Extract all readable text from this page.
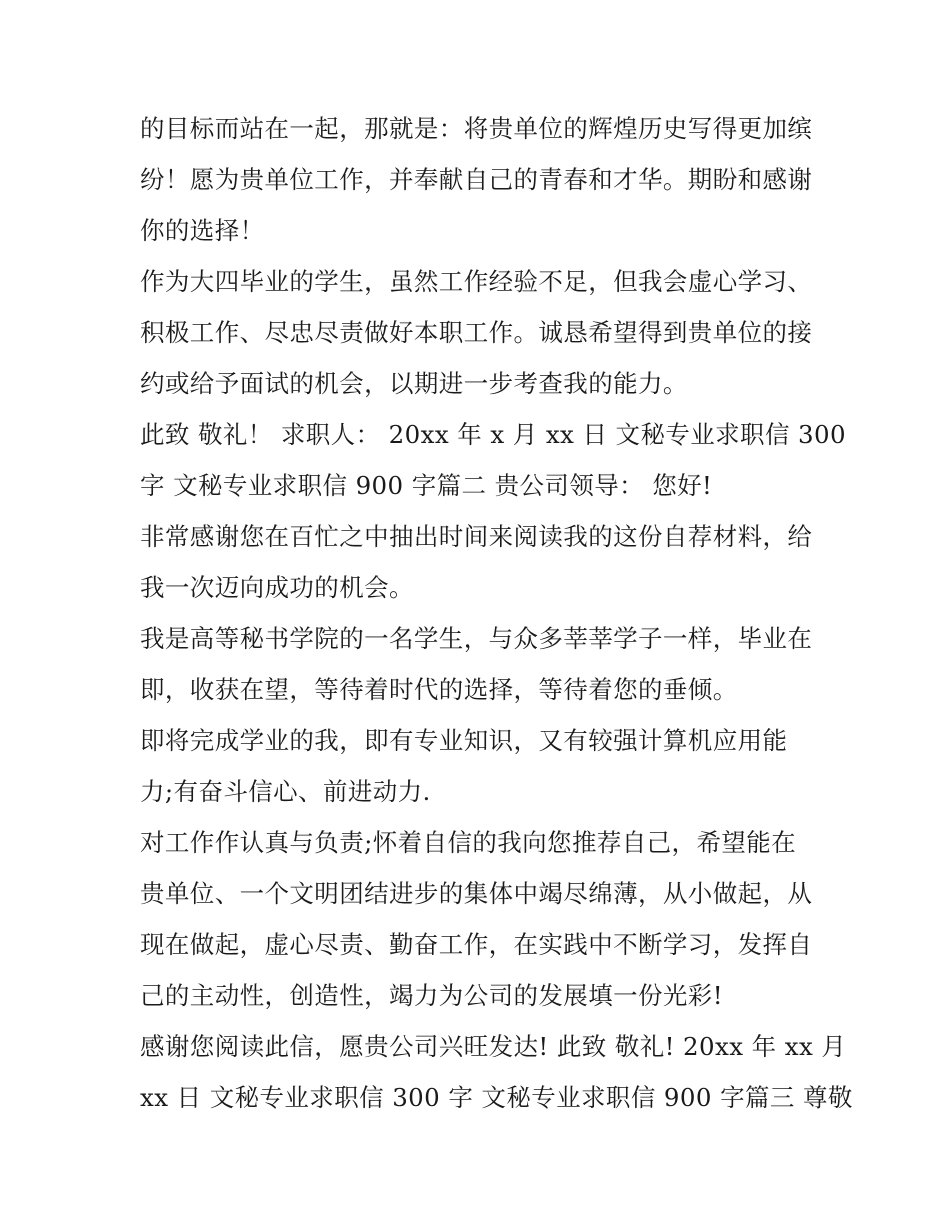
的目标而站在一起，那就是：将贵单位的辉煌历史写得更加缤
纷！愿为贵单位工作，并奉献自己的青春和才华。期盼和感谢
你的选择！
作为大四毕业的学生，虽然工作经验不足，但我会虚心学习、
积极工作、尽忠尽责做好本职工作。诚恳希望得到贵单位的接
约或给予面试的机会，以期进一步考查我的能力。
此致 敬礼！ 求职人： 20xx 年 x 月 xx 日 文秘专业求职信 300
字 文秘专业求职信 900 字篇二 贵公司领导： 您好!
非常感谢您在百忙之中抽出时间来阅读我的这份自荐材料，给
我一次迈向成功的机会。
我是高等秘书学院的一名学生，与众多莘莘学子一样，毕业在
即，收获在望，等待着时代的选择，等待着您的垂倾。
即将完成学业的我，即有专业知识，又有较强计算机应用能
力;有奋斗信心、前进动力.
对工作作认真与负责;怀着自信的我向您推荐自己，希望能在
贵单位、一个文明团结进步的集体中竭尽绵薄，从小做起，从
现在做起，虚心尽责、勤奋工作，在实践中不断学习，发挥自
己的主动性，创造性，竭力为公司的发展填一份光彩!
感谢您阅读此信，愿贵公司兴旺发达! 此致 敬礼! 20xx 年 xx 月
xx 日 文秘专业求职信 300 字 文秘专业求职信 900 字篇三 尊敬
